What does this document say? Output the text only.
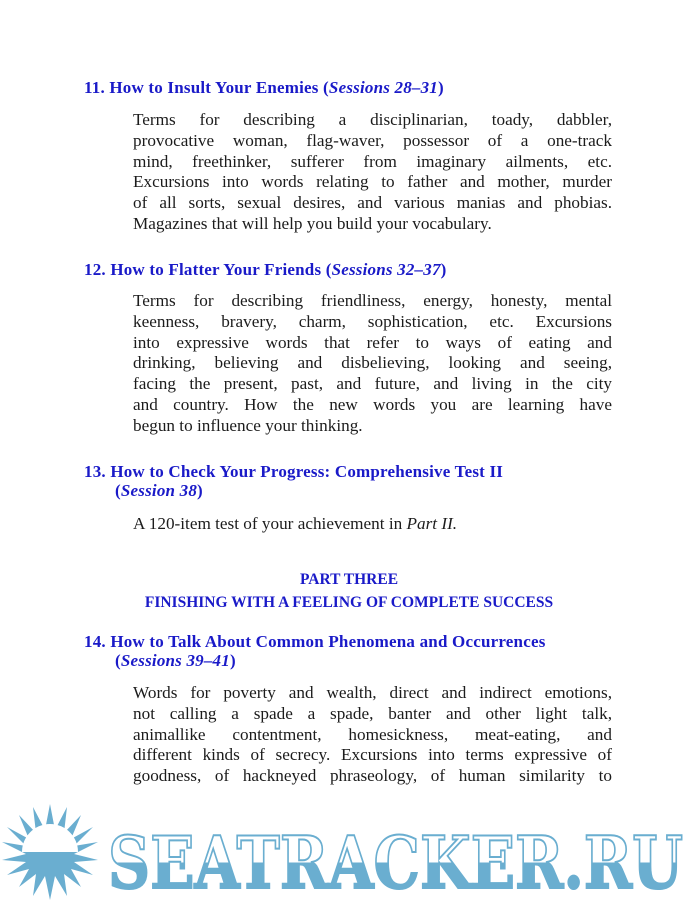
11. How to Insult Your Enemies (Sessions 28–31)
Terms for describing a disciplinarian, toady, dabbler,
provocative woman, flag-waver, possessor of a one-track
mind, freethinker, sufferer from imaginary ailments, etc.
Excursions into words relating to father and mother, murder
of all sorts, sexual desires, and various manias and phobias.
Magazines that will help you build your vocabulary.
12. How to Flatter Your Friends (Sessions 32–37)
Terms for describing friendliness, energy, honesty, mental
keenness, bravery, charm, sophistication, etc. Excursions
into expressive words that refer to ways of eating and
drinking, believing and disbelieving, looking and seeing,
facing the present, past, and future, and living in the city
and country. How the new words you are learning have
begun to influence your thinking.
13. How to Check Your Progress: Comprehensive Test II
(Session 38)
A 120-item test of your achievement in Part II.
PART THREE
FINISHING WITH A FEELING OF COMPLETE SUCCESS
14. How to Talk About Common Phenomena and Occurrences
(Sessions 39–41)
Words for poverty and wealth, direct and indirect emotions,
not calling a spade a spade, banter and other light talk,
animallike contentment, homesickness, meat-eating, and
different kinds of secrecy. Excursions into terms expressive of
goodness, of hackneyed phraseology, of human similarity to
SEATRACKER.RU
